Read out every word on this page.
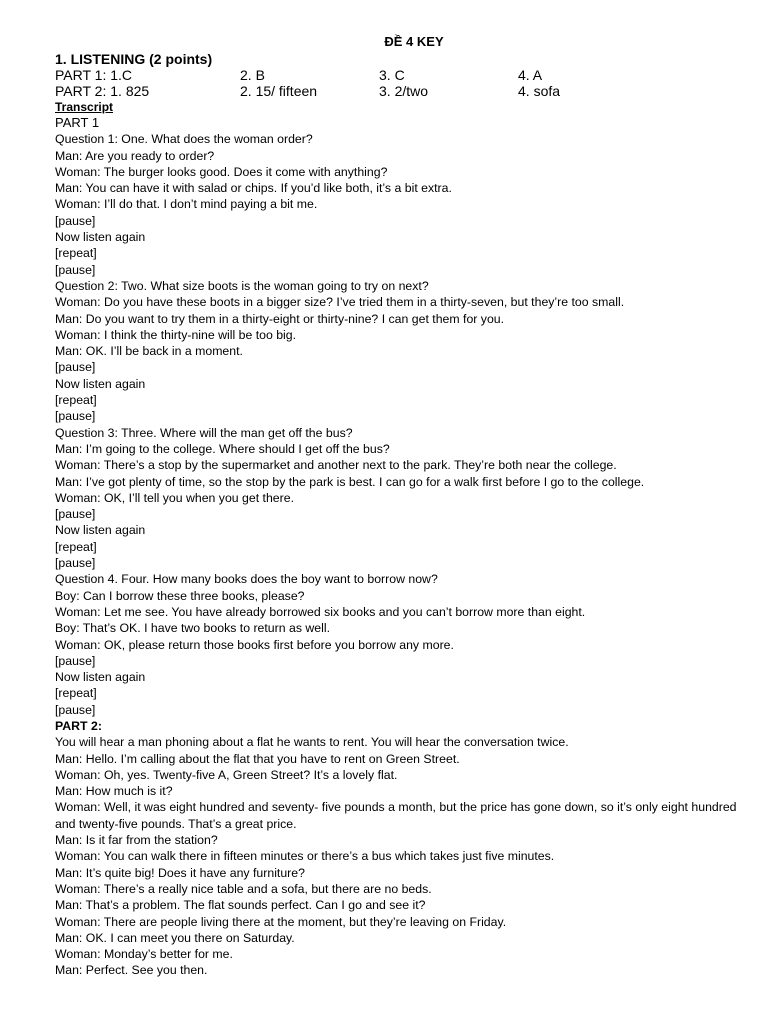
ĐỀ 4 KEY
1. LISTENING (2 points)
PART 1: 1.C	2. B	3. C	4. A
PART 2: 1. 825	2. 15/ fifteen	3. 2/two	4. sofa
Transcript
PART 1
Question 1: One. What does the woman order?
Man: Are you ready to order?
Woman: The burger looks good. Does it come with anything?
Man: You can have it with salad or chips. If you’d like both, it’s a bit extra.
Woman: I’ll do that. I don’t mind paying a bit me.
[pause]
Now listen again
[repeat]
[pause]
Question 2: Two. What size boots is the woman going to try on next?
Woman: Do you have these boots in a bigger size? I’ve tried them in a thirty-seven, but they’re too small.
Man: Do you want to try them in a thirty-eight or thirty-nine? I can get them for you.
Woman: I think the thirty-nine will be too big.
Man: OK. I’ll be back in a moment.
[pause]
Now listen again
[repeat]
[pause]
Question 3: Three. Where will the man get off the bus?
Man: I’m going to the college. Where should I get off the bus?
Woman: There’s a stop by the supermarket and another next to the park. They’re both near the college.
Man: I’ve got plenty of time, so the stop by the park is best. I can go for a walk first before I go to the college.
Woman: OK, I’ll tell you when you get there.
[pause]
Now listen again
[repeat]
[pause]
Question 4. Four. How many books does the boy want to borrow now?
Boy: Can I borrow these three books, please?
Woman: Let me see. You have already borrowed six books and you can’t borrow more than eight.
Boy: That’s OK. I have two books to return as well.
Woman: OK, please return those books first before you borrow any more.
[pause]
Now listen again
[repeat]
[pause]
PART 2:
You will hear a man phoning about a flat he wants to rent. You will hear the conversation twice.
Man: Hello. I’m calling about the flat that you have to rent on Green Street.
Woman: Oh, yes. Twenty-five A, Green Street? It’s a lovely flat.
Man: How much is it?
Woman: Well, it was eight hundred and seventy- five pounds a month, but the price has gone down, so it’s only eight hundred and twenty-five pounds. That’s a great price.
Man: Is it far from the station?
Woman: You can walk there in fifteen minutes or there’s a bus which takes just five minutes.
Man: It’s quite big! Does it have any furniture?
Woman: There’s a really nice table and a sofa, but there are no beds.
Man: That’s a problem. The flat sounds perfect. Can I go and see it?
Woman: There are people living there at the moment, but they’re leaving on Friday.
Man: OK. I can meet you there on Saturday.
Woman: Monday’s better for me.
Man: Perfect. See you then.
